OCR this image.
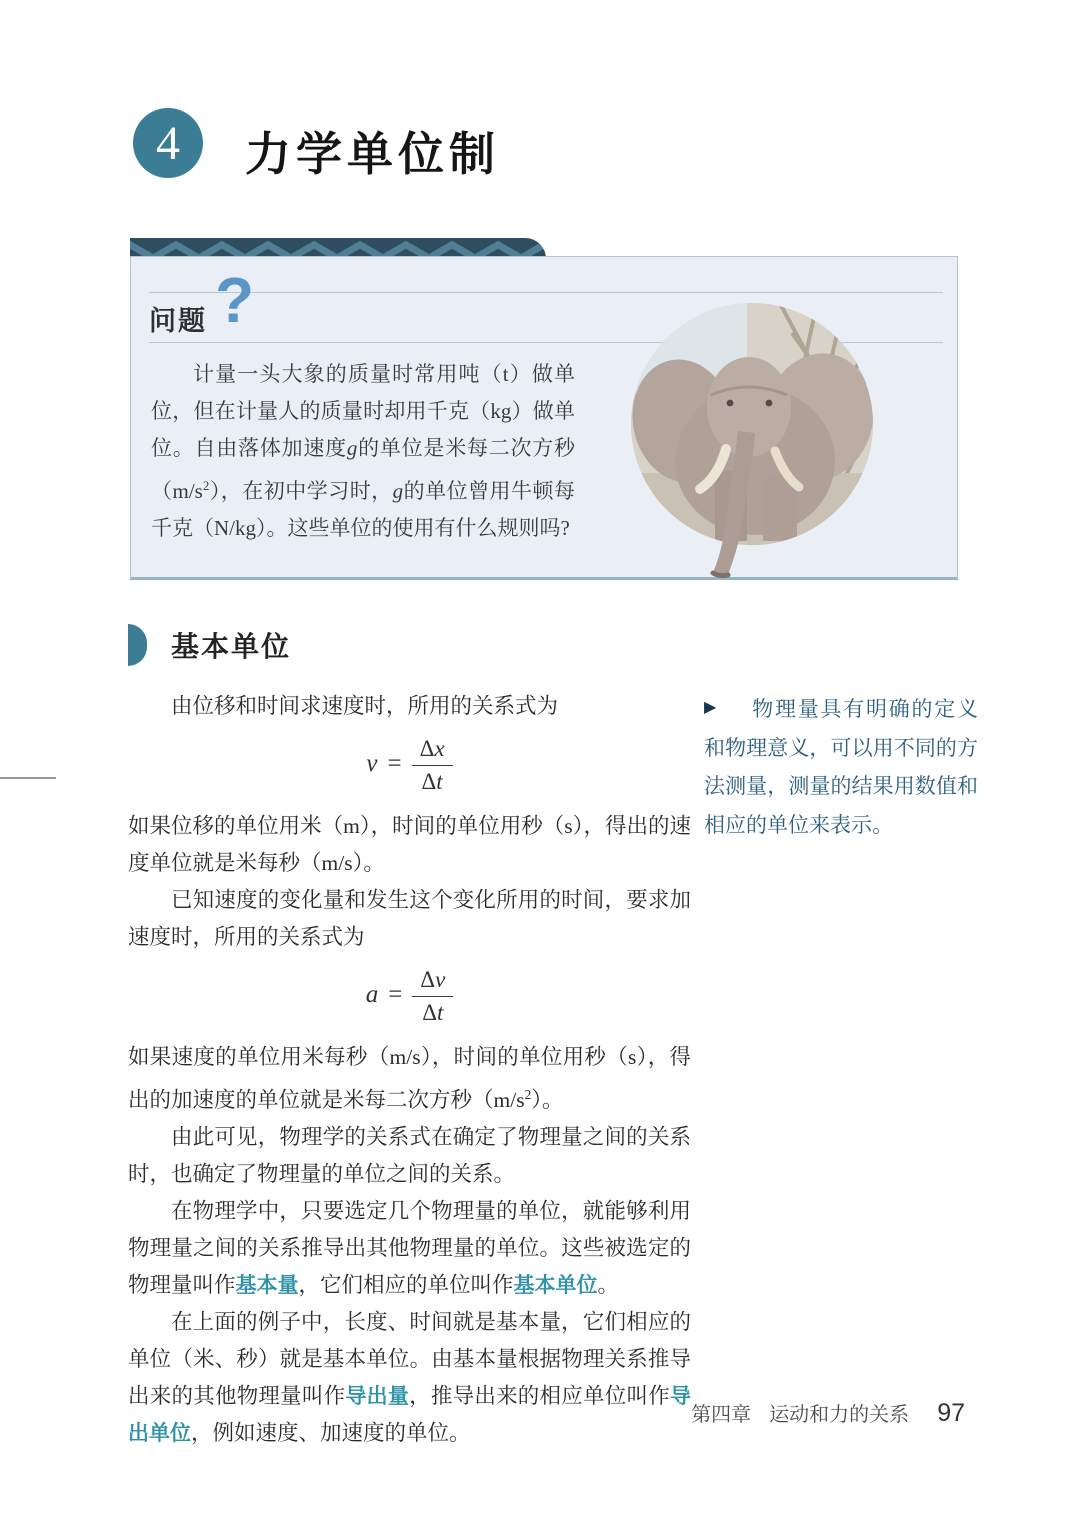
4 力学单位制
问题 ?

计量一头大象的质量时常用吨（t）做单位，但在计量人的质量时却用千克（kg）做单位。自由落体加速度g的单位是米每二次方秒$(m/s^2)$，在初中学习时，g的单位曾用牛顿每千克（N/kg）。这些单位的使用有什么规则吗?

基本单位

由位移和时间求速度时，所用的关系式为

$v = \frac{\Delta x}{\Delta t}$

如果位移的单位用米（m），时间的单位用秒（s），得出的速度单位就是米每秒（m/s）。

已知速度的变化量和发生这个变化所用的时间，要求加速度时，所用的关系式为

$a = \frac{\Delta v}{\Delta t}$

如果速度的单位用米每秒（m/s），时间的单位用秒（s），得出的加速度的单位就是米每二次方秒$(m/s^2)$。

由此可见，物理学的关系式在确定了物理量之间的关系时，也确定了物理量的单位之间的关系。

在物理学中，只要选定几个物理量的单位，就能够利用物理量之间的关系推导出其他物理量的单位。这些被选定的物理量叫作基本量，它们相应的单位叫作基本单位。

在上面的例子中，长度、时间就是基本量，它们相应的单位（米、秒）就是基本单位。由基本量根据物理关系推导出来的其他物理量叫作导出量，推导出来的相应单位叫作导出单位，例如速度、加速度的单位。

▶	物理量具有明确的定义和物理意义，可以用不同的方法测量，测量的结果用数值和相应的单位来表示。

第四章 运动和力的关系 97
